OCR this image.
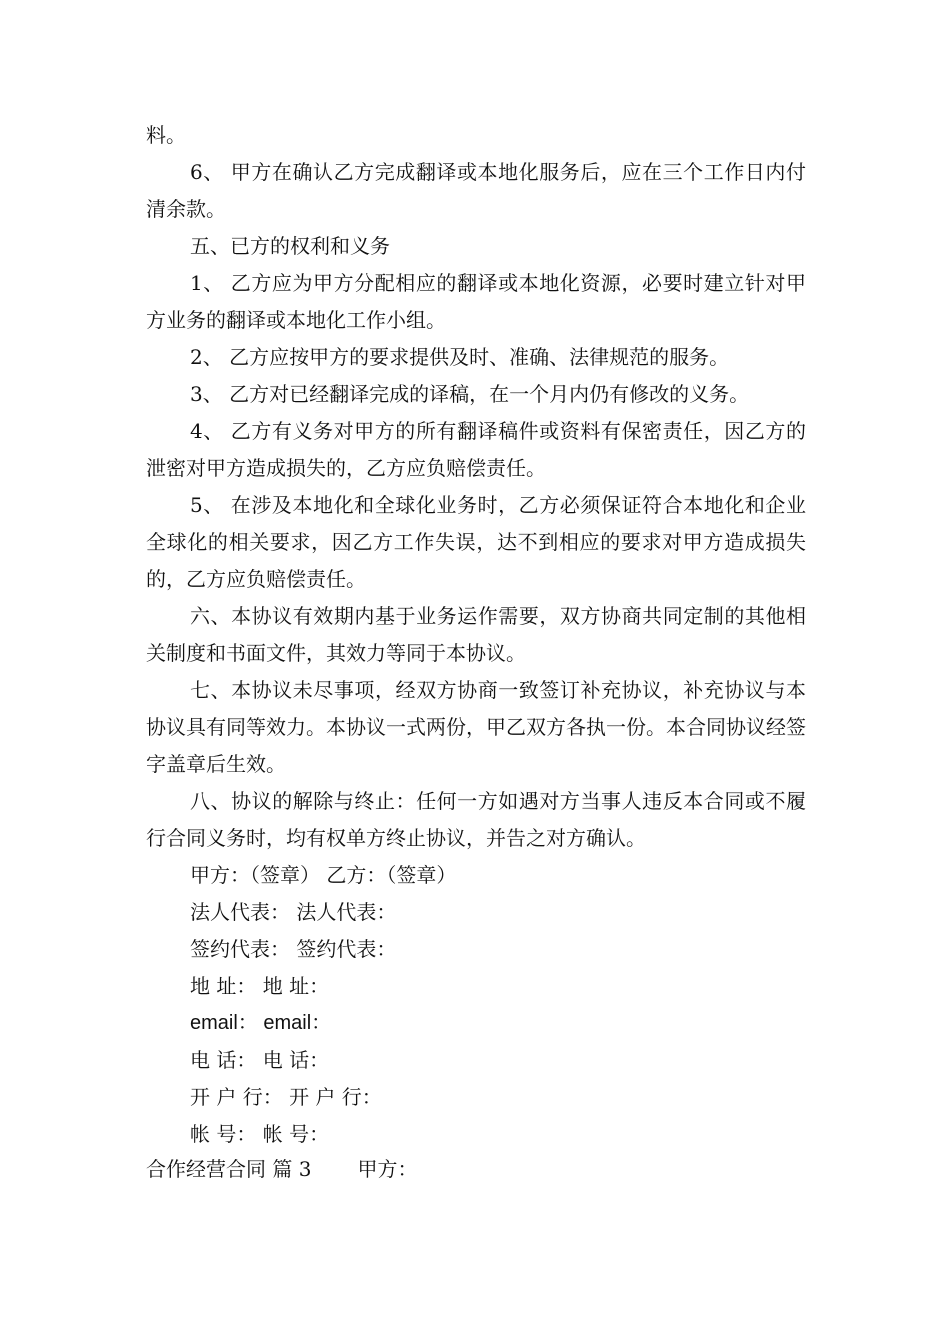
料。

6、 甲方在确认乙方完成翻译或本地化服务后，应在三个工作日内付清余款。

五、已方的权利和义务

1、 乙方应为甲方分配相应的翻译或本地化资源，必要时建立针对甲方业务的翻译或本地化工作小组。

2、 乙方应按甲方的要求提供及时、准确、法律规范的服务。

3、 乙方对已经翻译完成的译稿，在一个月内仍有修改的义务。

4、 乙方有义务对甲方的所有翻译稿件或资料有保密责任，因乙方的泄密对甲方造成损失的，乙方应负赔偿责任。

5、 在涉及本地化和全球化业务时，乙方必须保证符合本地化和企业全球化的相关要求，因乙方工作失误，达不到相应的要求对甲方造成损失的，乙方应负赔偿责任。

六、本协议有效期内基于业务运作需要，双方协商共同定制的其他相关制度和书面文件，其效力等同于本协议。

七、本协议未尽事项，经双方协商一致签订补充协议，补充协议与本协议具有同等效力。本协议一式两份，甲乙双方各执一份。本合同协议经签字盖章后生效。

八、协议的解除与终止：任何一方如遇对方当事人违反本合同或不履行合同义务时，均有权单方终止协议，并告之对方确认。

甲方：（签章） 乙方：（签章）
法人代表： 法人代表：
签约代表： 签约代表：
地 址： 地 址：
email： email：
电 话： 电 话：
开 户 行： 开 户 行：
帐 号： 帐 号：
合作经营合同 篇 3 甲方：
